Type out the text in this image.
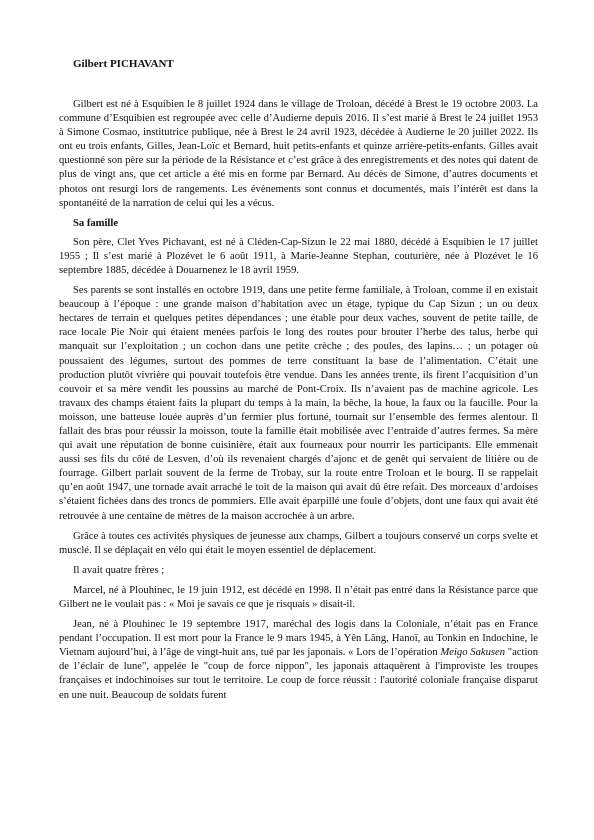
Gilbert PICHAVANT

Gilbert est né à Esquibien le 8 juillet 1924 dans le village de Troloan, décédé à Brest le 19 octobre 2003. La commune d’Esquibien est regroupée avec celle d’Audierne depuis 2016. Il s’est marié à Brest le 24 juillet 1953 à Simone Cosmao, institutrice publique, née à Brest le 24 avril 1923, décédée à Audierne le 20 juillet 2022. Ils ont eu trois enfants, Gilles, Jean-Loïc et Bernard, huit petits-enfants et quinze arrière-petits-enfants. Gilles avait questionné son père sur la période de la Résistance et c’est grâce à des enregistrements et des notes qui datent de plus de vingt ans, que cet article a été mis en forme par Bernard. Au décès de Simone, d’autres documents et photos ont resurgi lors de rangements. Les évènements sont connus et documentés, mais l’intérêt est dans la spontanéité de la narration de celui qui les a vécus.

Sa famille

Son père, Clet Yves Pichavant, est né à Cléden-Cap-Sizun le 22 mai 1880, décédé à Esquibien le 17 juillet 1955 ; Il s’est marié à Plozévet le 6 août 1911, à Marie-Jeanne Stephan, couturière, née à Plozévet le 16 septembre 1885, décédée à Douarnenez le 18 avril 1959.

Ses parents se sont installés en octobre 1919, dans une petite ferme familiale, à Troloan, comme il en existait beaucoup à l’époque : une grande maison d’habitation avec un étage, typique du Cap Sizun ; un ou deux hectares de terrain et quelques petites dépendances ; une étable pour deux vaches, souvent de petite taille, de race locale Pie Noir qui étaient menées parfois le long des routes pour brouter l’herbe des talus, herbe qui manquait sur l’exploitation ; un cochon dans une petite crèche ; des poules, des lapins… ; un potager où poussaient des légumes, surtout des pommes de terre constituant la base de l’alimentation. C’était une production plutôt vivrière qui pouvait toutefois être vendue. Dans les années trente, ils firent l’acquisition d’un couvoir et sa mère vendit les poussins au marché de Pont-Croix. Ils n’avaient pas de machine agricole. Les travaux des champs étaient faits la plupart du temps à la main, la bêche, la houe, la faux ou la faucille. Pour la moisson, une batteuse louée auprès d’un fermier plus fortuné, tournait sur l’ensemble des fermes alentour. Il fallait des bras pour réussir la moisson, toute la famille était mobilisée avec l’entraide d’autres fermes. Sa mère qui avait une réputation de bonne cuisinière, était aux fourneaux pour nourrir les participants. Elle emmenait aussi ses fils du côté de Lesven, d’où ils revenaient chargés d’ajonc et de genêt qui servaient de litière ou de fourrage. Gilbert parlait souvent de la ferme de Trobay, sur la route entre Troloan et le bourg. Il se rappelait qu’en août 1947, une tornade avait arraché le toit de la maison qui avait dû être refait. Des morceaux d’ardoises s’étaient fichées dans des troncs de pommiers. Elle avait éparpillé une foule d’objets, dont une faux qui avait été retrouvée à une centaine de mètres de la maison accrochée à un arbre.

Grâce à toutes ces activités physiques de jeunesse aux champs, Gilbert a toujours conservé un corps svelte et musclé. Il se déplaçait en vélo qui était le moyen essentiel de déplacement.

Il avait quatre frères ;

Marcel, né à Plouhinec, le 19 juin 1912, est décédé en 1998. Il n’était pas entré dans la Résistance parce que Gilbert ne le voulait pas : « Moi je savais ce que je risquais » disait-il.

Jean, né à Plouhinec le 19 septembre 1917, maréchal des logis dans la Coloniale, n’était pas en France pendant l’occupation. Il est mort pour la France le 9 mars 1945, à Yên Lãng, Hanoï, au Tonkin en Indochine, le Vietnam aujourd’hui, à l’âge de vingt-huit ans, tué par les japonais. « Lors de l’opération Meigo Sakusen "action de l’éclair de lune", appelée le "coup de force nippon", les japonais attaquèrent à l'improviste les troupes françaises et indochinoises sur tout le territoire. Le coup de force réussit : l'autorité coloniale française disparut en une nuit. Beaucoup de soldats furent
